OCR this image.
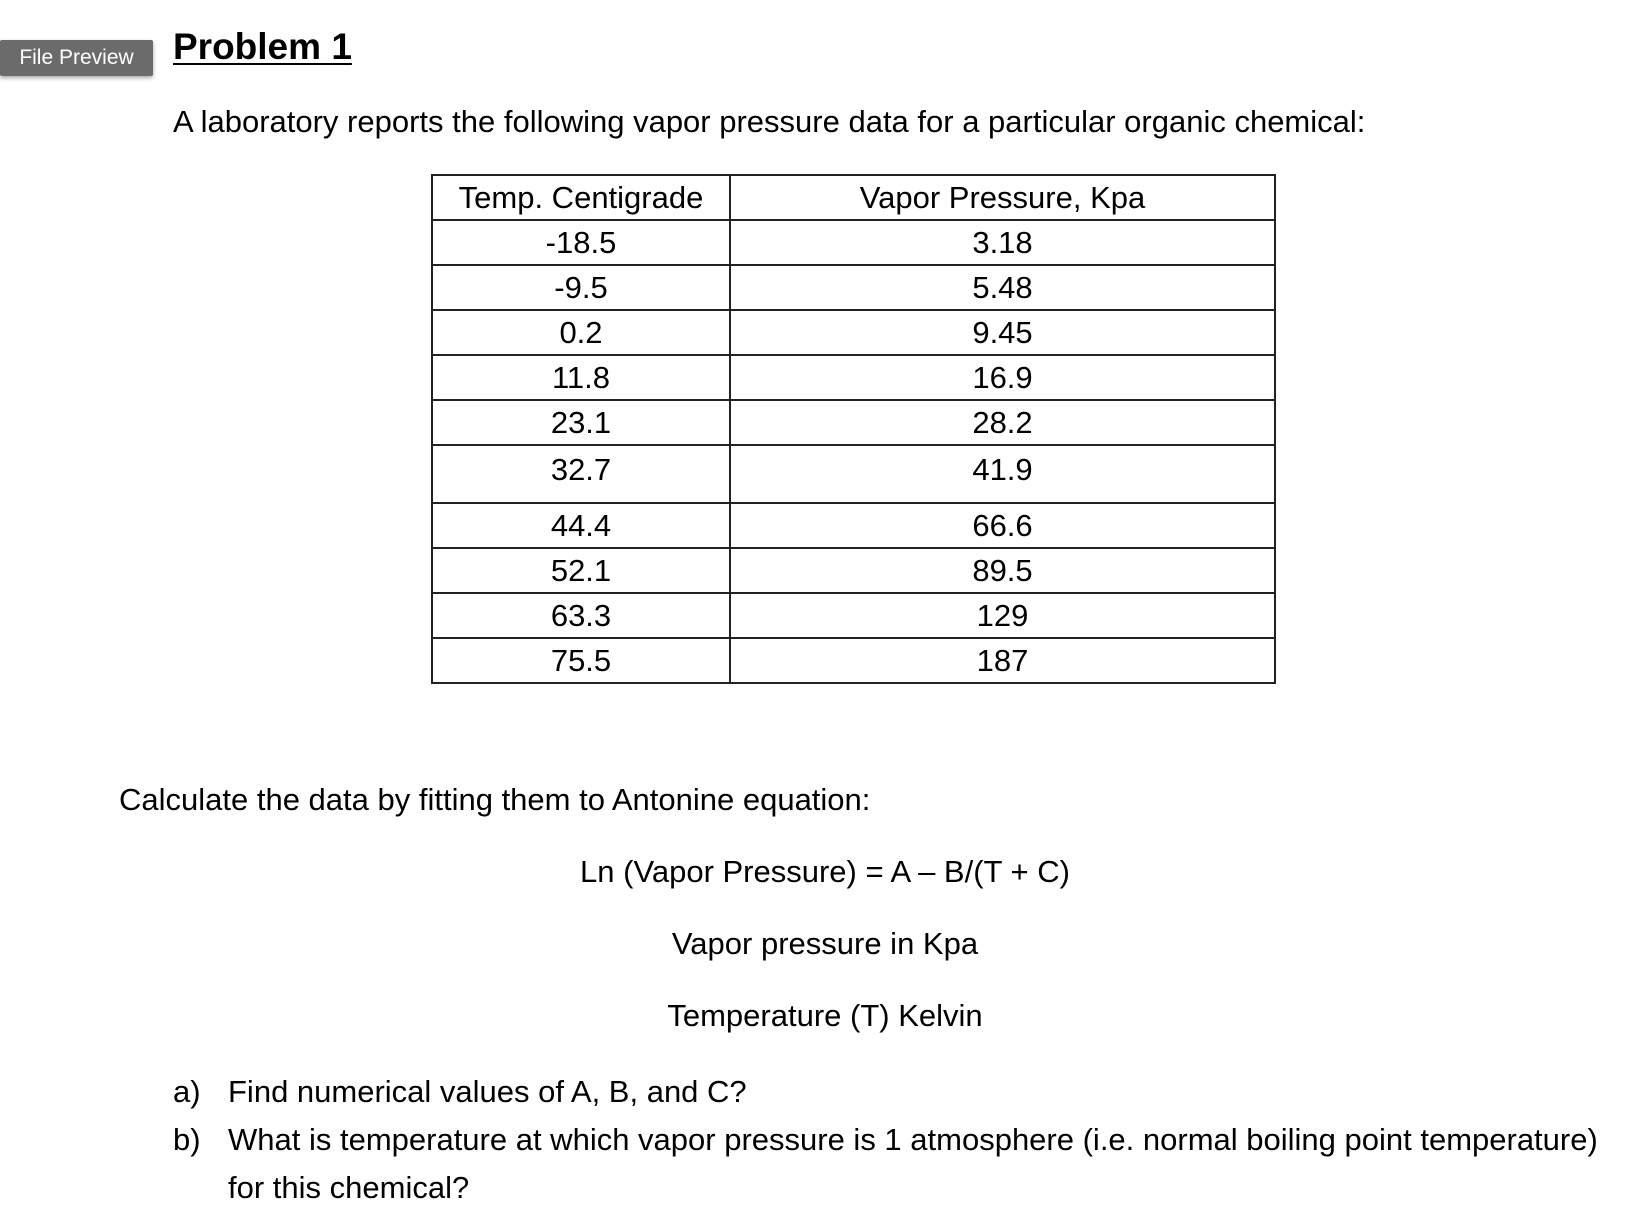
File Preview	Problem 1
A laboratory reports the following vapor pressure data for a particular organic chemical:
Temp. Centigrade	Vapor Pressure, Kpa
-18.5	3.18
-9.5	5.48
0.2	9.45
11.8	16.9
23.1	28.2
32.7	41.9
44.4	66.6
52.1	89.5
63.3	129
75.5	187
Calculate the data by fitting them to Antonine equation:
Ln (Vapor Pressure) = A – B/(T + C)
Vapor pressure in Kpa
Temperature (T) Kelvin
a) Find numerical values of A, B, and C?
b) What is temperature at which vapor pressure is 1 atmosphere (i.e. normal boiling point temperature) for this chemical?
